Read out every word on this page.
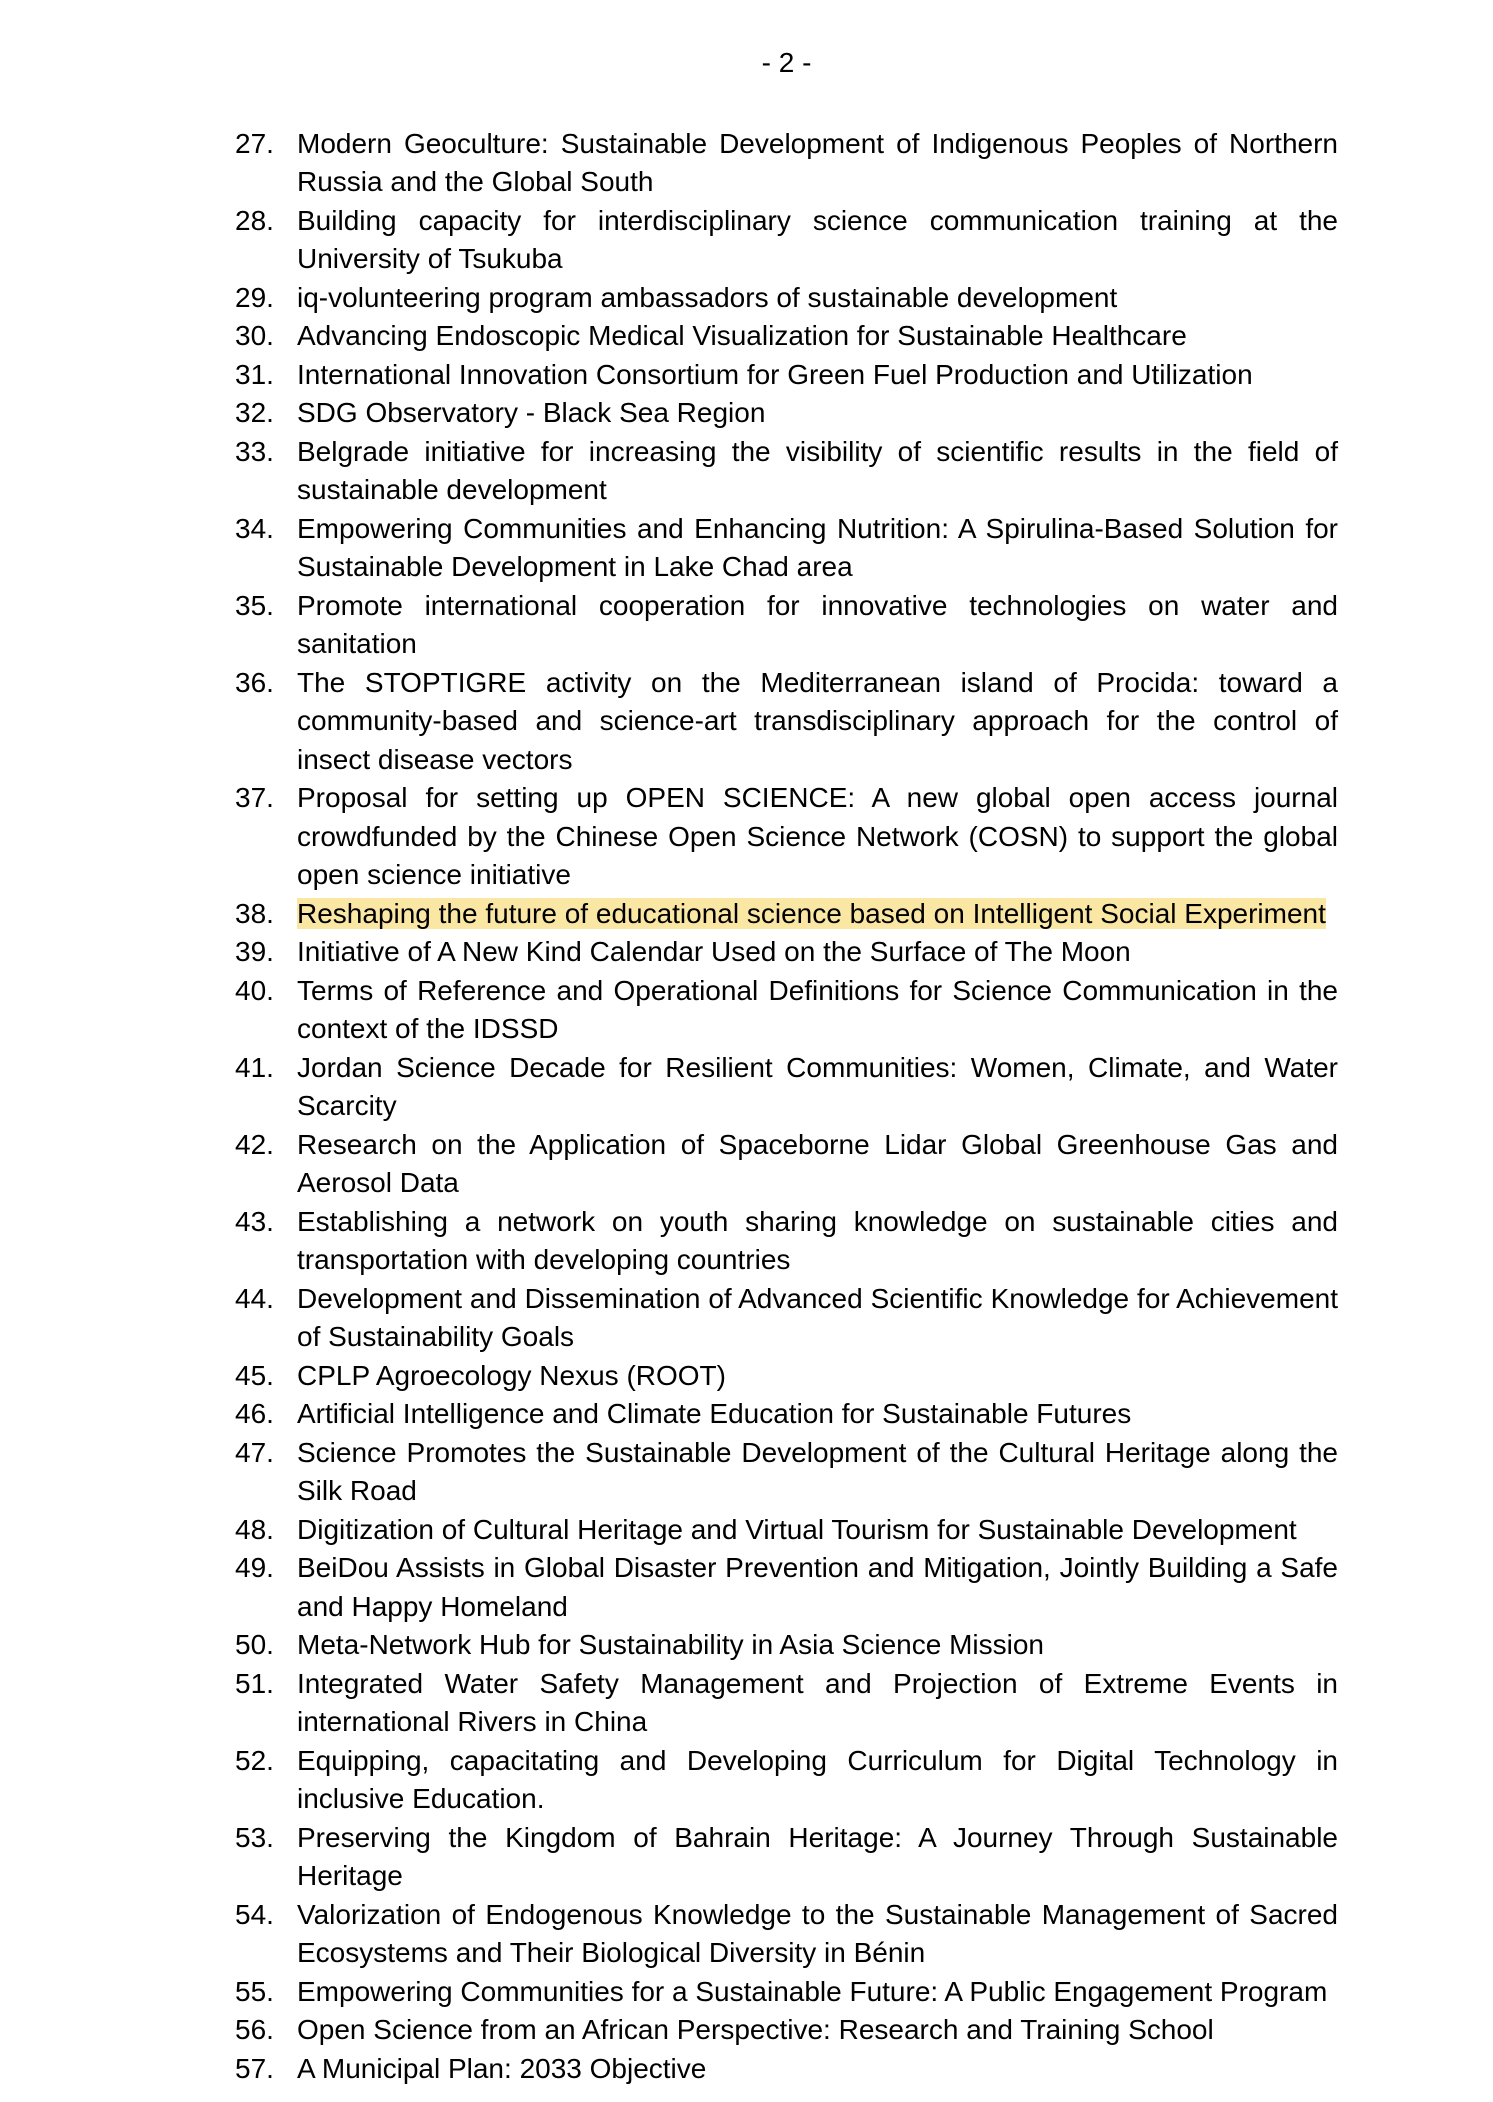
- 2 -
27. Modern Geoculture: Sustainable Development of Indigenous Peoples of Northern Russia and the Global South
28. Building capacity for interdisciplinary science communication training at the University of Tsukuba
29. iq-volunteering program ambassadors of sustainable development
30. Advancing Endoscopic Medical Visualization for Sustainable Healthcare
31. International Innovation Consortium for Green Fuel Production and Utilization
32. SDG Observatory - Black Sea Region
33. Belgrade initiative for increasing the visibility of scientific results in the field of sustainable development
34. Empowering Communities and Enhancing Nutrition: A Spirulina-Based Solution for Sustainable Development in Lake Chad area
35. Promote international cooperation for innovative technologies on water and sanitation
36. The STOPTIGRE activity on the Mediterranean island of Procida: toward a community-based and science-art transdisciplinary approach for the control of insect disease vectors
37. Proposal for setting up OPEN SCIENCE: A new global open access journal crowdfunded by the Chinese Open Science Network (COSN) to support the global open science initiative
38. Reshaping the future of educational science based on Intelligent Social Experiment
39. Initiative of A New Kind Calendar Used on the Surface of The Moon
40. Terms of Reference and Operational Definitions for Science Communication in the context of the IDSSD
41. Jordan Science Decade for Resilient Communities: Women, Climate, and Water Scarcity
42. Research on the Application of Spaceborne Lidar Global Greenhouse Gas and Aerosol Data
43. Establishing a network on youth sharing knowledge on sustainable cities and transportation with developing countries
44. Development and Dissemination of Advanced Scientific Knowledge for Achievement of Sustainability Goals
45. CPLP Agroecology Nexus (ROOT)
46. Artificial Intelligence and Climate Education for Sustainable Futures
47. Science Promotes the Sustainable Development of the Cultural Heritage along the Silk Road
48. Digitization of Cultural Heritage and Virtual Tourism for Sustainable Development
49. BeiDou Assists in Global Disaster Prevention and Mitigation, Jointly Building a Safe and Happy Homeland
50. Meta-Network Hub for Sustainability in Asia Science Mission
51. Integrated Water Safety Management and Projection of Extreme Events in international Rivers in China
52. Equipping, capacitating and Developing Curriculum for Digital Technology in inclusive Education.
53. Preserving the Kingdom of Bahrain Heritage: A Journey Through Sustainable Heritage
54. Valorization of Endogenous Knowledge to the Sustainable Management of Sacred Ecosystems and Their Biological Diversity in Bénin
55. Empowering Communities for a Sustainable Future: A Public Engagement Program
56. Open Science from an African Perspective: Research and Training School
57. A Municipal Plan: 2033 Objective
